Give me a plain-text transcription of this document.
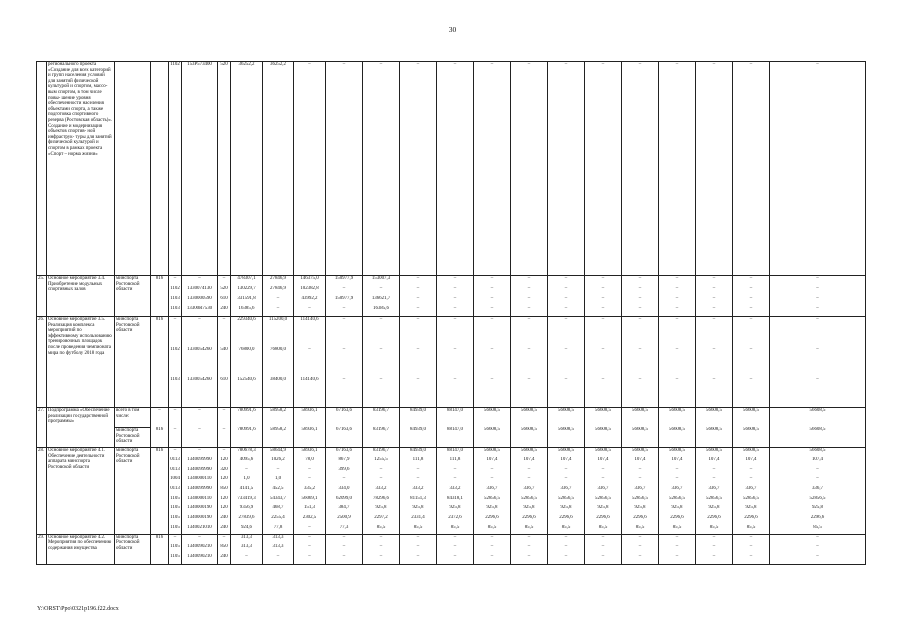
30
	регионального проекта «Создание для всех категорий и групп населения условий для занятий физической культурой и спортом, массо- вым спортом, в том числе повы- шение уровня обеспеченности населения объектами спорта, а также подготовка спортивного резерва (Ростовская область)». Создание и модернизация объектов спортив- ной инфраструк- туры для занятий физической культурой и спортом в рамках проекта «Спорт – норма жизни»			1102	153P573400	520	36252,2	36252,2	–	–	–	–	–	–	–	–	–	–	–	–	–	–
25.	Основное мероприятие 3.4. Приобретение модульных спортивных залов	минспорта Ростовской области	816	–	–	–	478307,1	27846,9	146375,0	150977,9	153007,3	–	–	–	–	–	–	–	–	–	–	–
				1102	1330074130	520	130229,7	27846,9	102382,8	–	–	–	–	–	–	–	–	–	–	–	–	–
				1103	1330000590	610	331591,8	–	43992,2	150977,9	136621,7	–	–	–	–	–	–	–	–	–	–	–
				1103	13300R7530	240	16385,6	–	–	–	16385,6	–	–	–	–	–	–	–	–	–	–	–
26.	Основное мероприятие 3.5. Реализация комплекса мероприятий по эффективному использованию тренировочных площадок после проведения чемпионата мира по футболу 2018 года	минспорта Ростовской области	816	–	–	–	229340,6	115200,0	114140,6	–	–	–	–	–	–	–	–	–	–	–	–	–
				1102	1330054260	540	76800,0	76800,0	–	–	–	–	–	–	–	–	–	–	–	–	–	–
				1103	1330054260	610	152540,6	38400,0	114140,6	–	–	–	–	–	–	–	–	–	–	–	–	–
27.	Подпрограмма «Обеспечение реализации государственной программы»	всего в том числе:	–	–	–	–	780991,6	58958,2	58936,1	67163,6	83196,7	84939,0	88147,0	56608,5	56608,5	56608,5	56608,5	56608,5	56608,5	56608,5	56608,5	56608,5
		минспорта Ростовской области	816	–	–	–	780991,6	58958,2	58936,1	67163,6	83196,7	84939,0	88147,0	56608,5	56608,5	56608,5	56608,5	56608,5	56608,5	56608,5	56608,5	56608,5
28.	Основное мероприятие 4.1. Обеспечение деятельности аппарата минспорта Ростовской области	минспорта Ростовской области	816	–	–	–	780678,3	58644,9	58936,1	67163,6	83196,7	84939,0	88147,0	56608,5	56608,5	56608,5	56608,5	56608,5	56608,5	56608,5	56608,5	56608,5
				0113	1340099990	120	4095,6	1026,2	78,0	867,9	1255,5	111,8	111,8	107,4	107,4	107,4	107,4	107,4	107,4	107,4	107,4	107,4
				0113	1340099990	320	–	–	–	399,6	–	–	–	–	–	–	–	–	–	–	–	–
				1004	1340000110	120	1,0	1,0	–	–	–	–	–	–	–	–	–	–	–	–	–	–
				0113	1340099990	850	4141,5	452,5	335,2	334,0	333,2	333,2	333,2	336,7	336,7	336,7	336,7	336,7	336,7	336,7	336,7	336,7
				1105	1340000110	120	733419,3	54343,7	56069,1	62099,0	78296,6	81151,3	84318,1	52856,5	52856,5	52856,5	52856,5	52856,5	52856,5	52856,5	52856,5	52856,5
				1105	1340000190	120	9356,9	468,7	151,3	384,7	925,8	925,8	925,8	925,8	925,8	925,8	925,8	925,8	925,8	925,8	925,8	925,8
				1105	1340000190	240	27839,6	2255,4	2302,5	2500,9	2297,2	2331,4	2372,6	2296,6	2296,6	2296,6	2296,6	2296,6	2296,6	2296,6	2296,6	2296,6
				1105	1340021010	240	924,6	77,8	–	77,3	85,5	85,5	85,5	85,5	85,5	85,5	85,5	85,5	85,5	85,5	85,5	85,5
29.	Основное мероприятие 4.2. Мероприятия по обеспечению содержания имущества	минспорта Ростовской области	816	–	–	–	313,3	313,3	–	–	–	–	–	–	–	–	–	–	–	–	–	–
				1105	1340090210	850	313,3	313,3	–	–	–	–	–	–	–	–	–	–	–	–	–	–
				1105	1340090210	240	–	–	–	–	–	–	–	–	–	–	–	–	–	–	–	–
Y:\ORST\Ppo\0321p196.f22.docx
